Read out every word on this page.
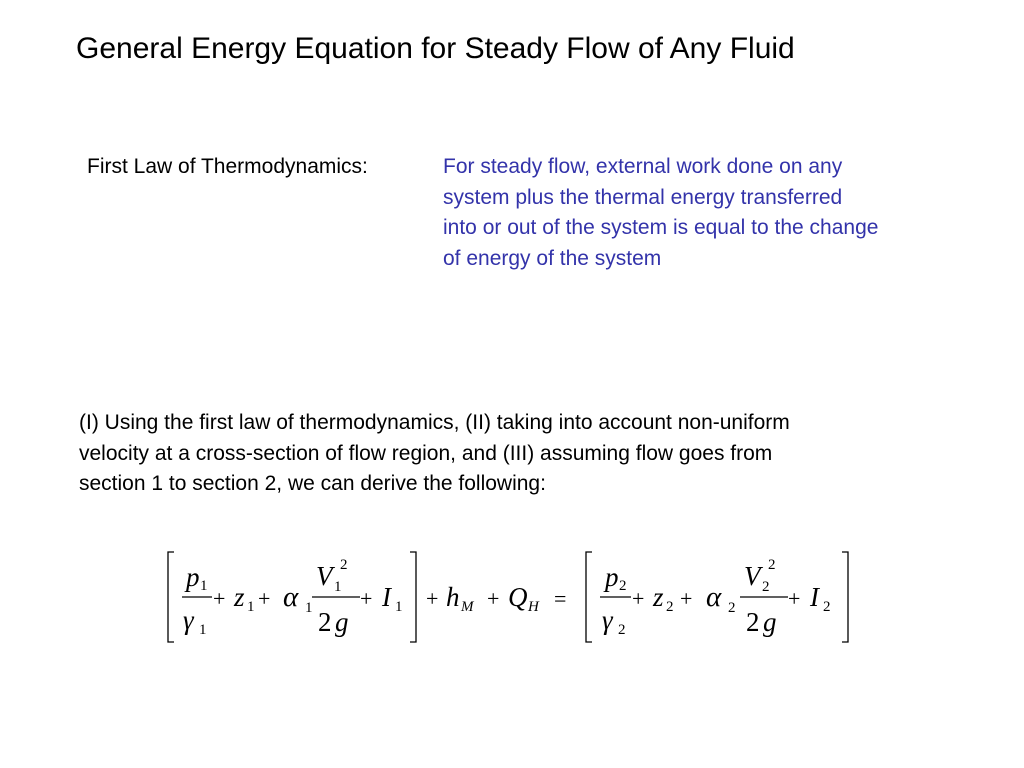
General Energy Equation for Steady Flow of Any Fluid
First Law of Thermodynamics:	For steady flow, external work done on any
system plus the thermal energy transferred
into or out of the system is equal to the change
of energy of the system
(I) Using the first law of thermodynamics, (II) taking into account non-uniform
velocity at a cross-section of flow region, and (III) assuming flow goes from
section 1 to section 2, we can derive the following:
p 1
γ 1
+ z 1 + α 1
V 1
2
2 g
+ I 1 + h M + Q H =
p 2
γ 2
+ z 2 + α 2
V 2
2
2 g
+ I 2
